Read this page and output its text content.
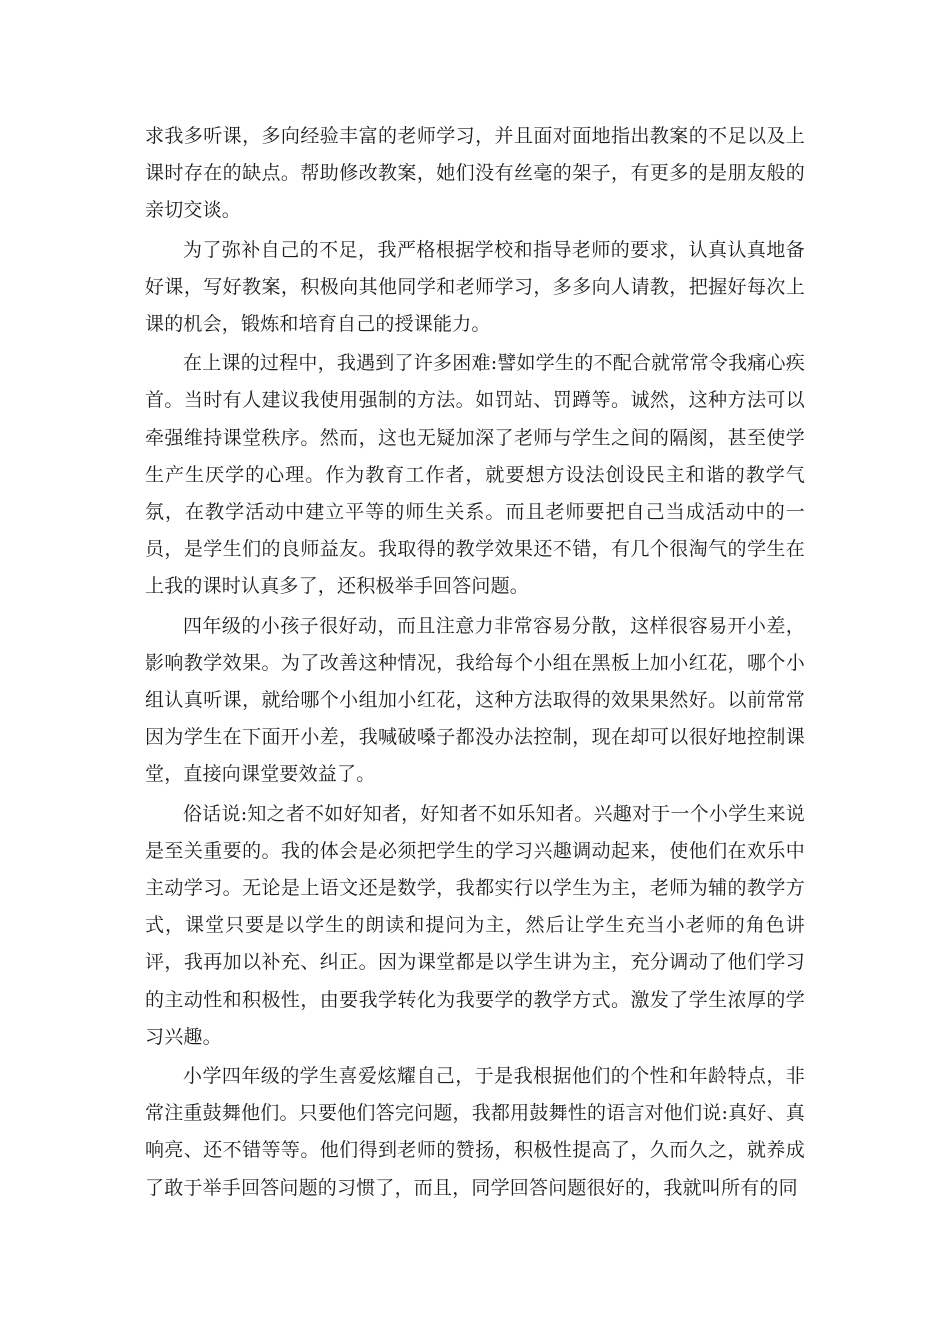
求我多听课，多向经验丰富的老师学习，并且面对面地指出教案的不足以及上课时存在的缺点。帮助修改教案，她们没有丝毫的架子，有更多的是朋友般的亲切交谈。

为了弥补自己的不足，我严格根据学校和指导老师的要求，认真认真地备好课，写好教案，积极向其他同学和老师学习，多多向人请教，把握好每次上课的机会，锻炼和培育自己的授课能力。

在上课的过程中，我遇到了许多困难:譬如学生的不配合就常常令我痛心疾首。当时有人建议我使用强制的方法。如罚站、罚蹲等。诚然，这种方法可以牵强维持课堂秩序。然而，这也无疑加深了老师与学生之间的隔阂，甚至使学生产生厌学的心理。作为教育工作者，就要想方设法创设民主和谐的教学气氛，在教学活动中建立平等的师生关系。而且老师要把自己当成活动中的一员，是学生们的良师益友。我取得的教学效果还不错，有几个很淘气的学生在上我的课时认真多了，还积极举手回答问题。

四年级的小孩子很好动，而且注意力非常容易分散，这样很容易开小差，影响教学效果。为了改善这种情况，我给每个小组在黑板上加小红花，哪个小组认真听课，就给哪个小组加小红花，这种方法取得的效果果然好。以前常常因为学生在下面开小差，我喊破嗓子都没办法控制，现在却可以很好地控制课堂，直接向课堂要效益了。

俗话说:知之者不如好知者，好知者不如乐知者。兴趣对于一个小学生来说是至关重要的。我的体会是必须把学生的学习兴趣调动起来，使他们在欢乐中主动学习。无论是上语文还是数学，我都实行以学生为主，老师为辅的教学方式，课堂只要是以学生的朗读和提问为主，然后让学生充当小老师的角色讲评，我再加以补充、纠正。因为课堂都是以学生讲为主，充分调动了他们学习的主动性和积极性，由要我学转化为我要学的教学方式。激发了学生浓厚的学习兴趣。

小学四年级的学生喜爱炫耀自己，于是我根据他们的个性和年龄特点，非常注重鼓舞他们。只要他们答完问题，我都用鼓舞性的语言对他们说:真好、真响亮、还不错等等。他们得到老师的赞扬，积极性提高了，久而久之，就养成了敢于举手回答问题的习惯了，而且，同学回答问题很好的，我就叫所有的同
